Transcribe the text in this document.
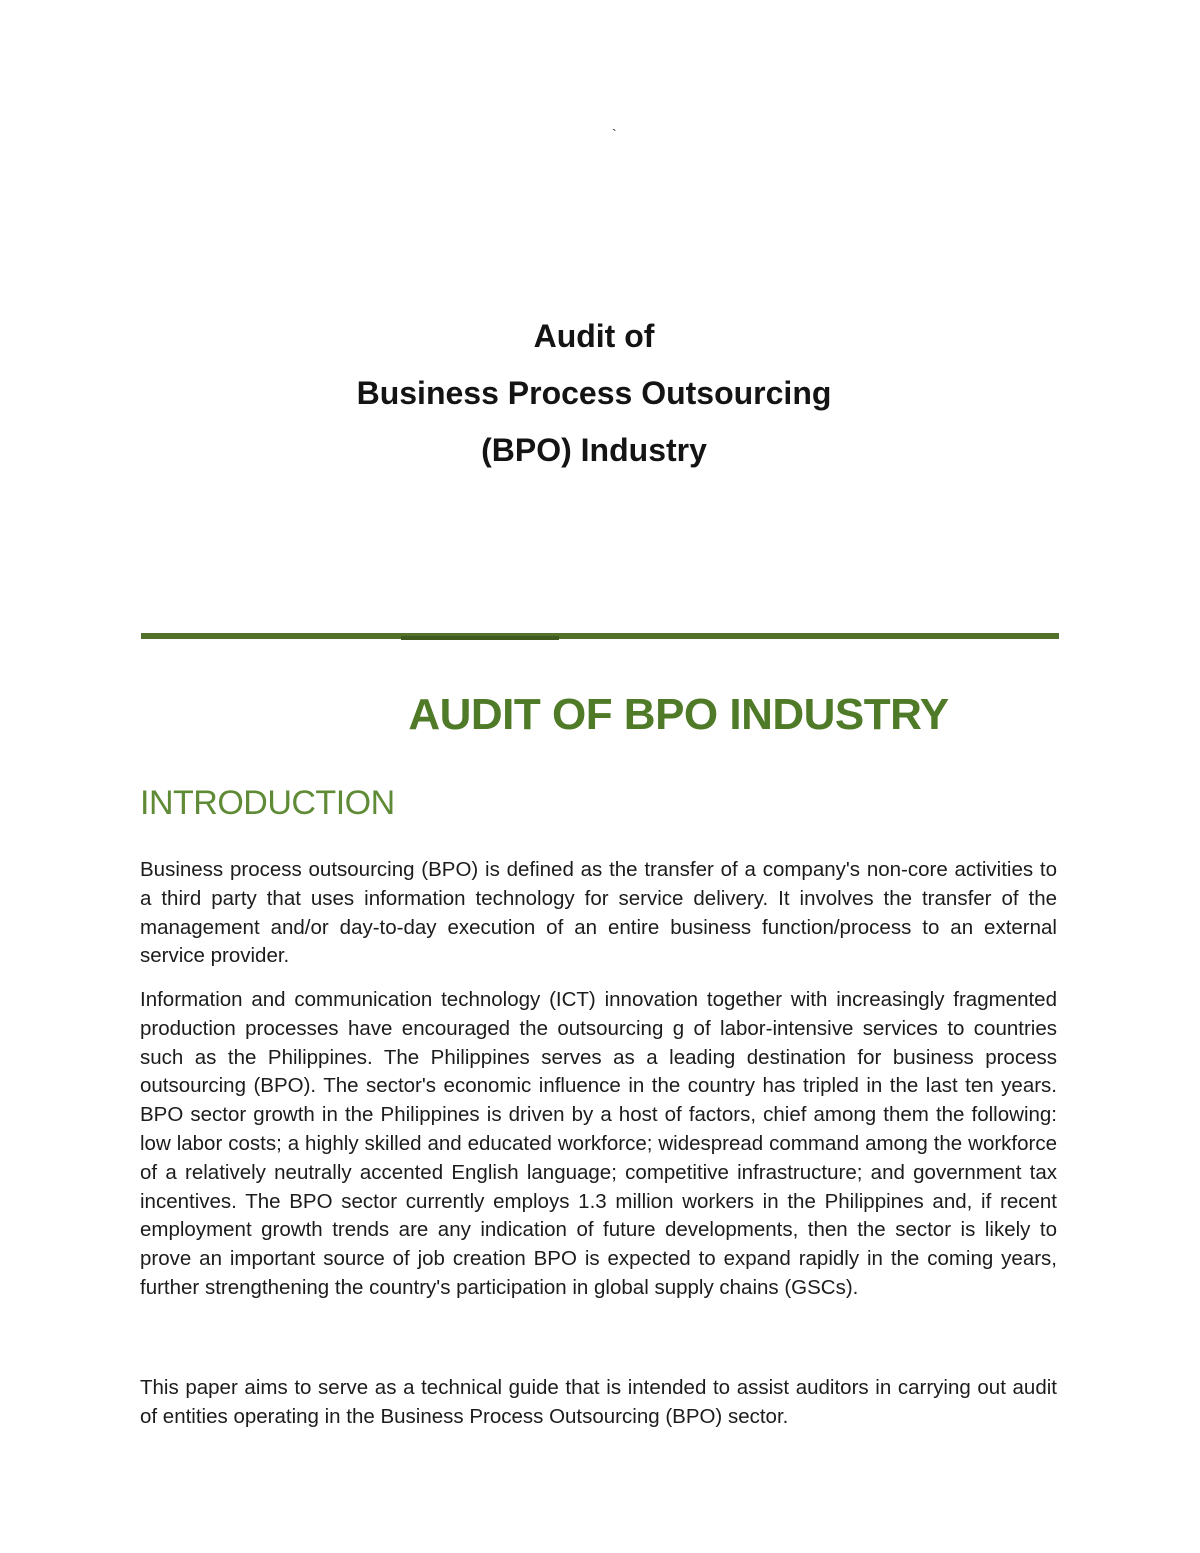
`
Audit of
Business Process Outsourcing
(BPO) Industry
AUDIT OF BPO INDUSTRY
INTRODUCTION

Business process outsourcing (BPO) is defined as the transfer of a company's non-core activities to a third party that uses information technology for service delivery. It involves the transfer of the management and/or day-to-day execution of an entire business function/process to an external service provider.

Information and communication technology (ICT) innovation together with increasingly fragmented production processes have encouraged the outsourcing g of labor-intensive services to countries such as the Philippines. The Philippines serves as a leading destination for business process outsourcing (BPO). The sector's economic influence in the country has tripled in the last ten years. BPO sector growth in the Philippines is driven by a host of factors, chief among them the following: low labor costs; a highly skilled and educated workforce; widespread command among the workforce of a relatively neutrally accented English language; competitive infrastructure; and government tax incentives. The BPO sector currently employs 1.3 million workers in the Philippines and, if recent employment growth trends are any indication of future developments, then the sector is likely to prove an important source of job creation BPO is expected to expand rapidly in the coming years, further strengthening the country's participation in global supply chains (GSCs).

This paper aims to serve as a technical guide that is intended to assist auditors in carrying out audit of entities operating in the Business Process Outsourcing (BPO) sector.
